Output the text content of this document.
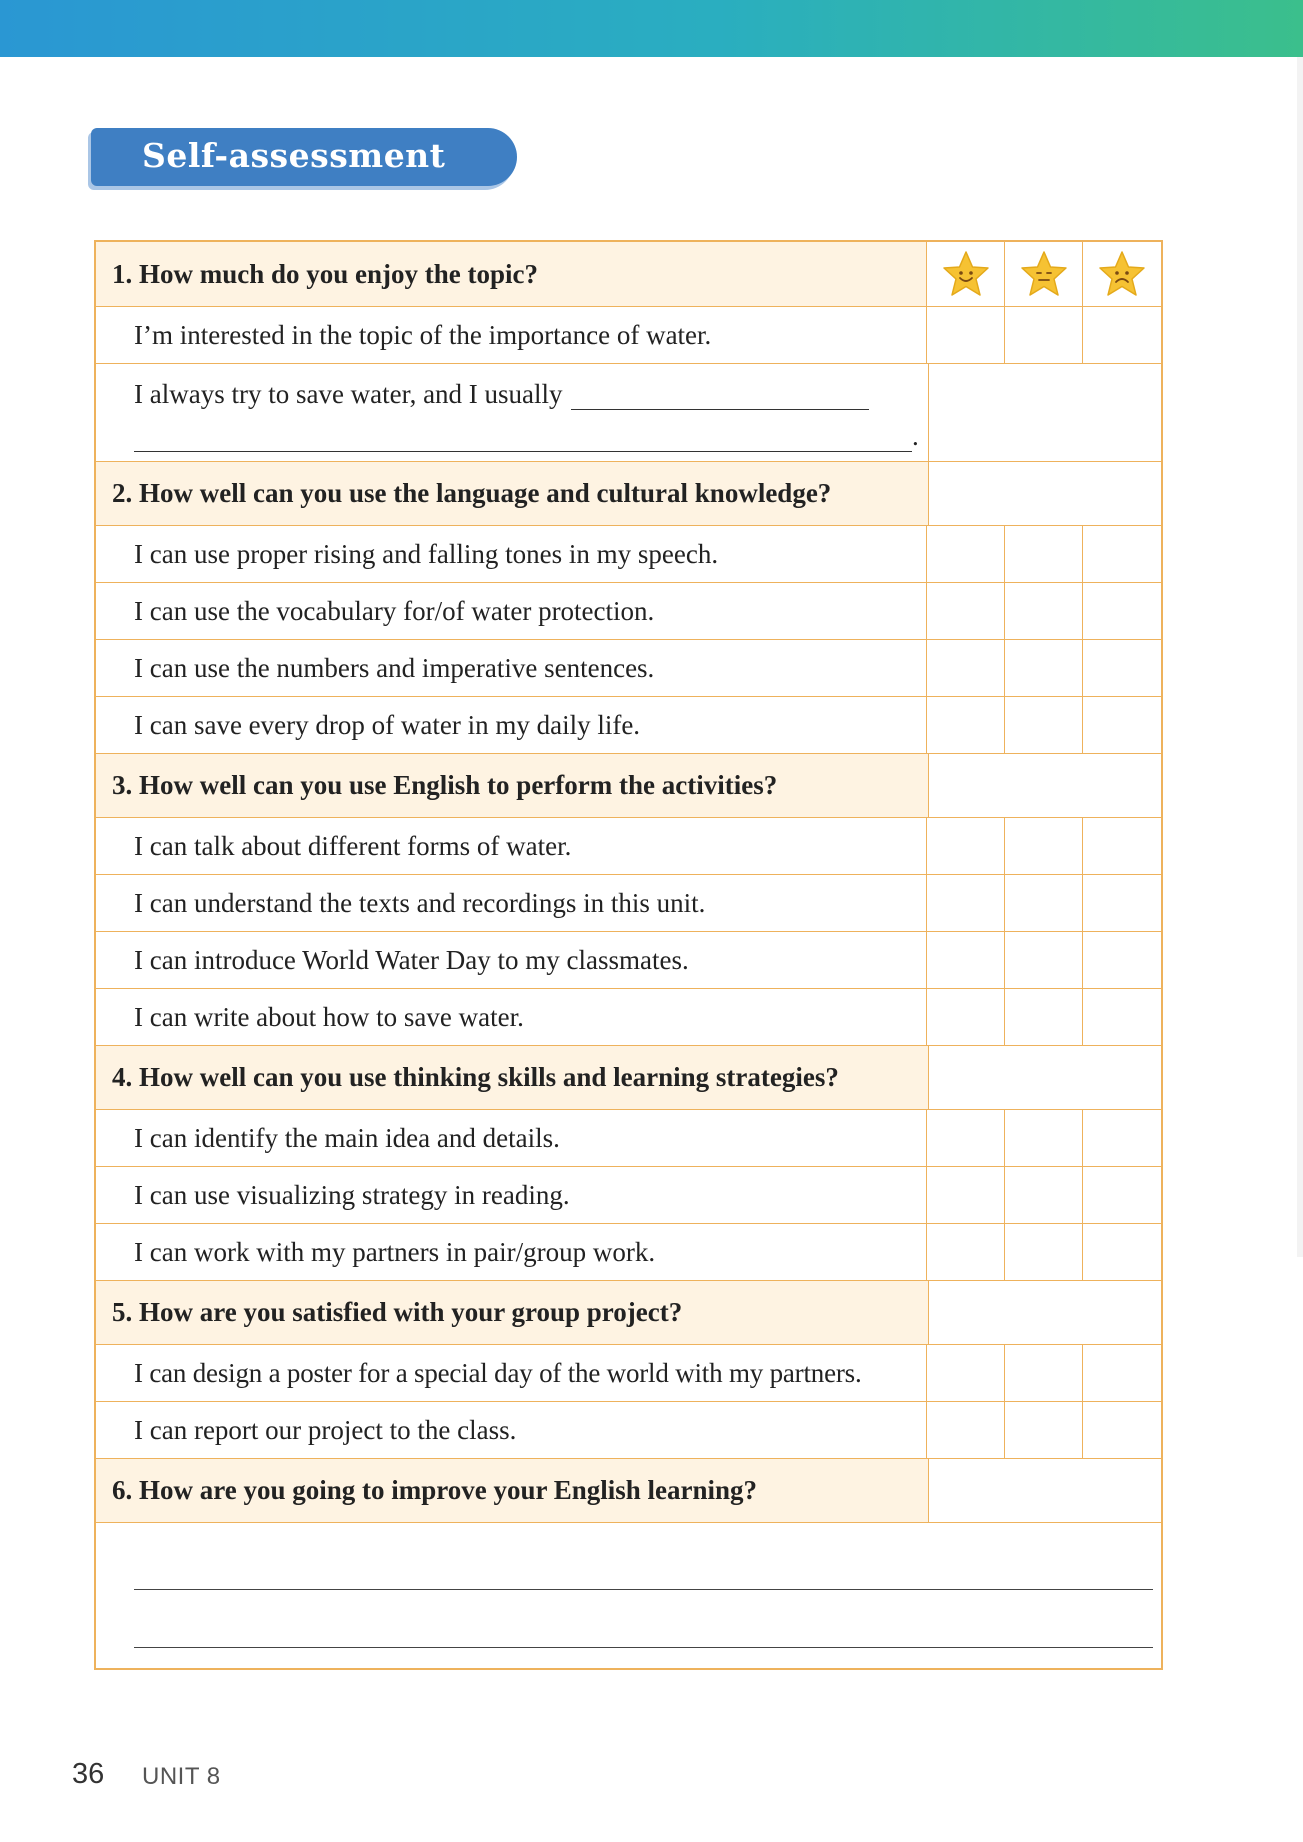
Self-assessment
1. How much do you enjoy the topic?
I’m interested in the topic of the importance of water.
I always try to save water, and I usually
.
2. How well can you use the language and cultural knowledge?
I can use proper rising and falling tones in my speech.
I can use the vocabulary for/of water protection.
I can use the numbers and imperative sentences.
I can save every drop of water in my daily life.
3. How well can you use English to perform the activities?
I can talk about different forms of water.
I can understand the texts and recordings in this unit.
I can introduce World Water Day to my classmates.
I can write about how to save water.
4. How well can you use thinking skills and learning strategies?
I can identify the main idea and details.
I can use visualizing strategy in reading.
I can work with my partners in pair/group work.
5. How are you satisfied with your group project?
I can design a poster for a special day of the world with my partners.
I can report our project to the class.
6. How are you going to improve your English learning?
36 UNIT 8
